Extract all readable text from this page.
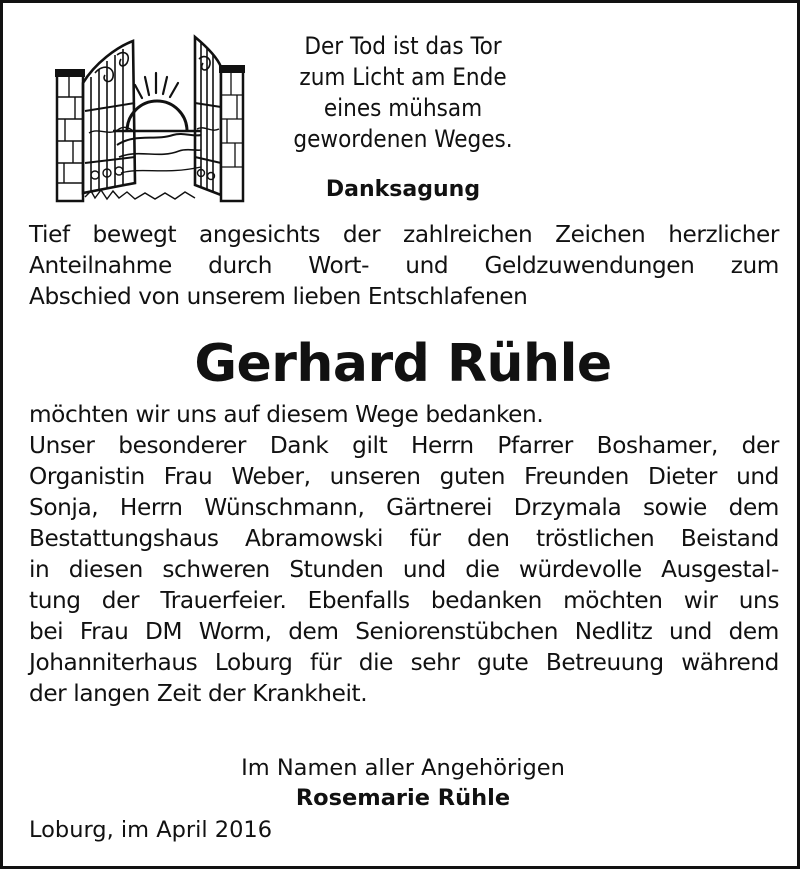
Der Tod ist das Tor
zum Licht am Ende
eines mühsam
gewordenen Weges.
Danksagung
Tief bewegt angesichts der zahlreichen Zeichen herzlicher
Anteilnahme durch Wort- und Geldzuwendungen zum
Abschied von unserem lieben Entschlafenen
Gerhard Rühle
möchten wir uns auf diesem Wege bedanken.
Unser besonderer Dank gilt Herrn Pfarrer Boshamer, der
Organistin Frau Weber, unseren guten Freunden Dieter und
Sonja, Herrn Wünschmann, Gärtnerei Drzymala sowie dem
Bestattungshaus Abramowski für den tröstlichen Beistand
in diesen schweren Stunden und die würdevolle Ausgestal-
tung der Trauerfeier. Ebenfalls bedanken möchten wir uns
bei Frau DM Worm, dem Seniorenstübchen Nedlitz und dem
Johanniterhaus Loburg für die sehr gute Betreuung während
der langen Zeit der Krankheit.
Im Namen aller Angehörigen
Rosemarie Rühle
Loburg, im April 2016
